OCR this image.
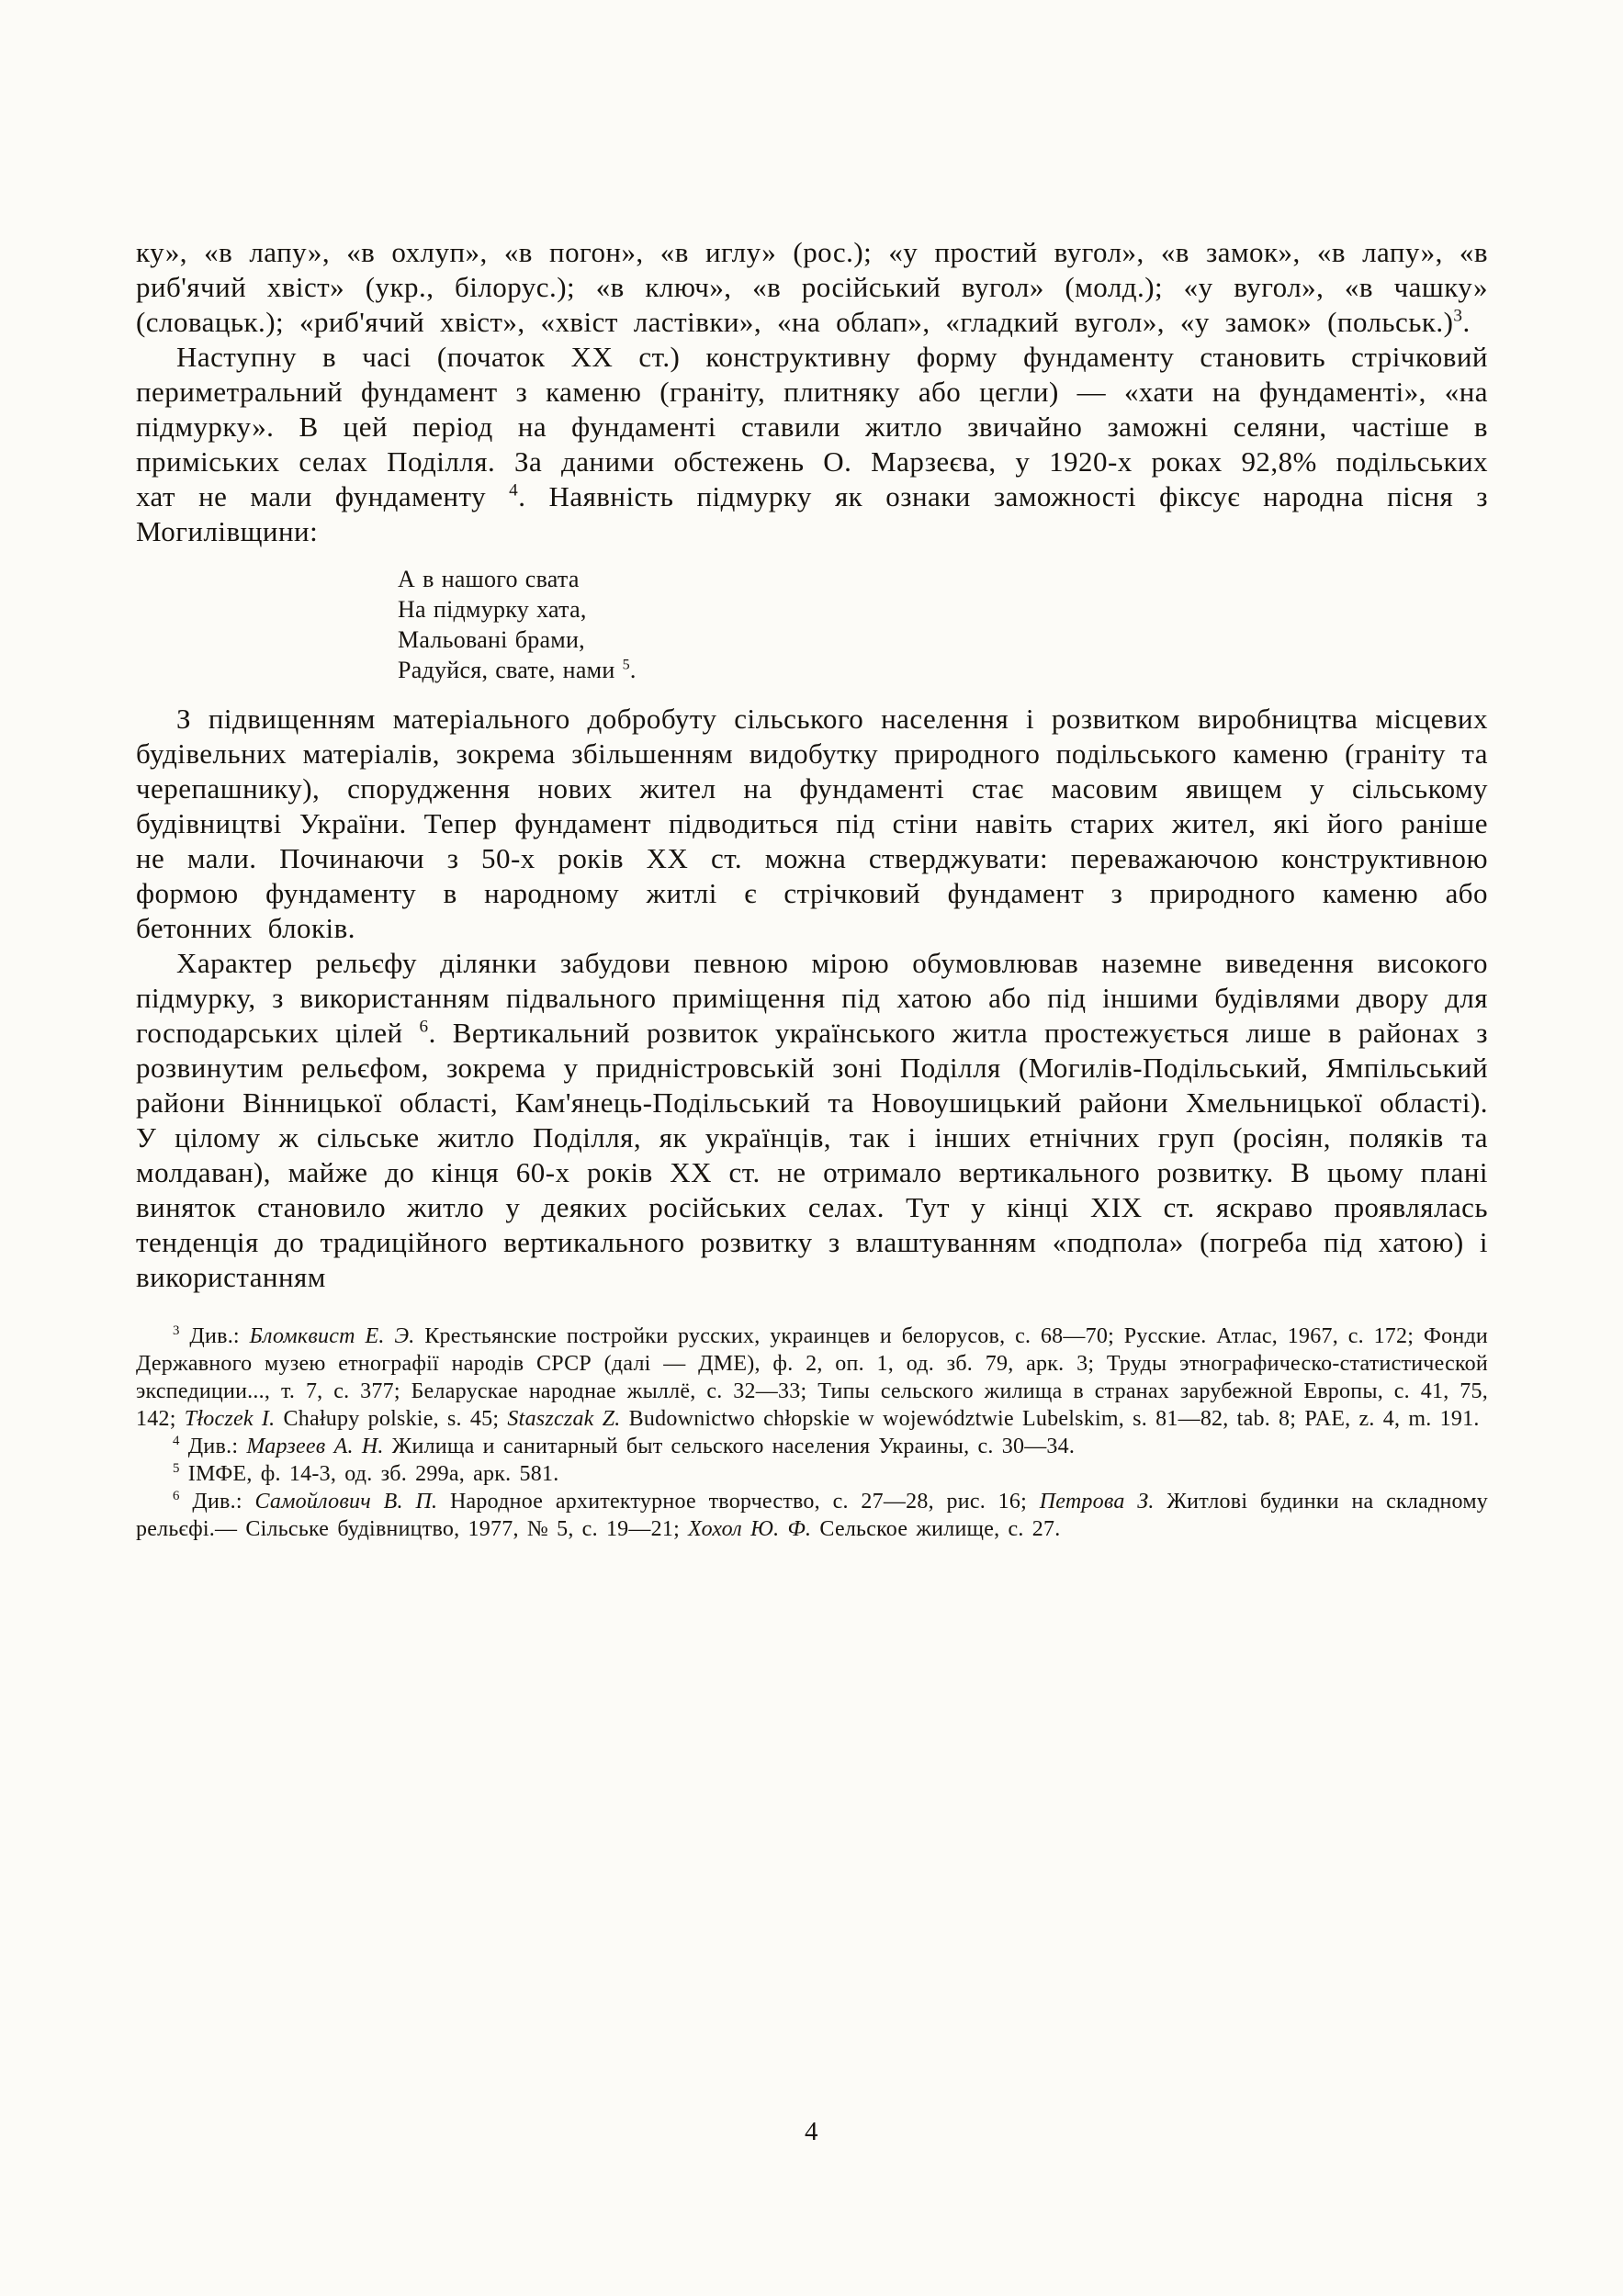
ку», «в лапу», «в охлуп», «в погон», «в иглу» (рос.); «у простий вугол», «в замок», «в лапу», «в риб'ячий хвіст» (укр., білорус.); «в ключ», «в російський вугол» (молд.); «у вугол», «в чашку» (словацьк.); «риб'ячий хвіст», «хвіст ластівки», «на облап», «гладкий вугол», «у замок» (польськ.)$^3$.

Наступну в часі (початок XX ст.) конструктивну форму фундаменту становить стрічковий периметральний фундамент з каменю (граніту, плитняку або цегли) — «хати на фундаменті», «на підмурку». В цей період на фундаменті ставили житло звичайно заможні селяни, частіше в приміських селах Поділля. За даними обстежень О. Марзеєва, у 1920-х роках 92,8% подільських хат не мали фундаменту $^4$. Наявність підмурку як ознаки заможності фіксує народна пісня з Могилівщини:

А в нашого свата
На підмурку хата,
Мальовані брами,
Радуйся, свате, нами $^5$.

З підвищенням матеріального добробуту сільського населення і розвитком виробництва місцевих будівельних матеріалів, зокрема збільшенням видобутку природного подільського каменю (граніту та черепашнику), спорудження нових жител на фундаменті стає масовим явищем у сільському будівництві України. Тепер фундамент підводиться під стіни навіть старих жител, які його раніше не мали. Починаючи з 50-х років XX ст. можна стверджувати: переважаючою конструктивною формою фундаменту в народному житлі є стрічковий фундамент з природного каменю або бетонних блоків.

Характер рельєфу ділянки забудови певною мірою обумовлював наземне виведення високого підмурку, з використанням підвального приміщення під хатою або під іншими будівлями двору для господарських цілей $^6$. Вертикальний розвиток українського житла простежується лише в районах з розвинутим рельєфом, зокрема у придністровській зоні Поділля (Могилів-Подільський, Ямпільський райони Вінницької області, Кам'янець-Подільський та Новоушицький райони Хмельницької області). У цілому ж сільське житло Поділля, як українців, так і інших етнічних груп (росіян, поляків та молдаван), майже до кінця 60-х років XX ст. не отримало вертикального розвитку. В цьому плані виняток становило житло у деяких російських селах. Тут у кінці XIX ст. яскраво проявлялась тенденція до традиційного вертикального розвитку з влаштуванням «подпола» (погреба під хатою) і використанням

$^3$ Див.: Бломквист Е. Э. Крестьянские постройки русских, украинцев и белорусов, с. 68—70; Русские. Атлас, 1967, с. 172; Фонди Державного музею етнографії народів СРСР (далі — ДМЕ), ф. 2, оп. 1, од. зб. 79, арк. 3; Труды этнографическо-статистической экспедиции..., т. 7, с. 377; Беларускае народнае жыллё, с. 32—33; Типы сельского жилища в странах зарубежной Европы, с. 41, 75, 142; Tłoczek I. Chałupy polskie, s. 45; Staszczak Z. Budownictwo chłopskie w województwie Lubelskim, s. 81—82, tab. 8; PAE, z. 4, m. 191.

$^4$ Див.: Марзеев А. Н. Жилища и санитарный быт сельского населения Украины, с. 30—34.

$^5$ ІМФЕ, ф. 14-3, од. зб. 299а, арк. 581.

$^6$ Див.: Самойлович В. П. Народное архитектурное творчество, с. 27—28, рис. 16; Петрова З. Житлові будинки на складному рельєфі.— Сільське будівництво, 1977, № 5, с. 19—21; Хохол Ю. Ф. Сельское жилище, с. 27.

4
